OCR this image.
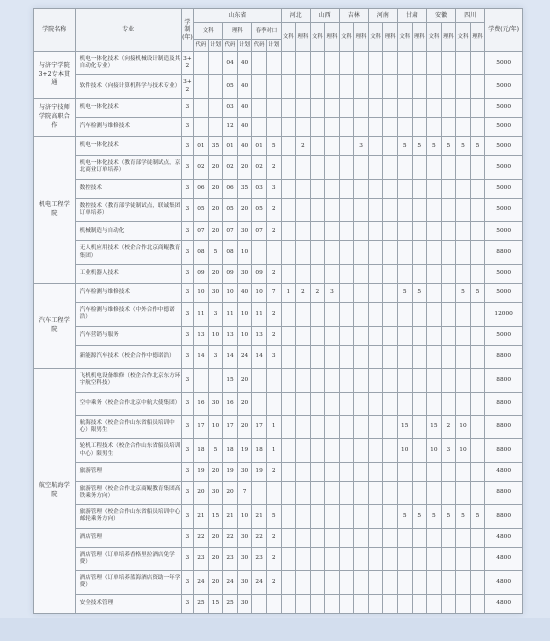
学院名称	专业	学制(年)	山东省						河北		山西		吉林		河南		甘肃		安徽		四川		学费(元/年)
			文科		理科		春季对口		文科	理科	文科	理科	文科	理科	文科	理科	文科	理科	文科	理科	文科	理科	
			代码	计划	代码	计划	代码	计划															
与济宁学院3+2专本贯通	机电一体化技术（向接机械设计制造及其自动化专业）	3+2			04	40																	5000
	软件技术（向接计算机科学与技术专业）	3+2			05	40																	5000
与济宁技师学院高职合作	机电一体化技术	3			03	40																	5000
	汽车检测与维修技术	3			12	40																	5000
机电工程学院	机电一体化技术	3	01	35	01	40	01	5		2				3			5	5	5	5	5	5	5000
	机电一体化技术（教育部学徒制试点，京北商业订单培养）	3	02	20	02	20	02	2															5000
	数控技术	3	06	20	06	35	03	3															5000
	数控技术（教育部学徒制试点，联诚集团订单培养）	3	05	20	05	20	05	2															5000
	机械制造与自动化	3	07	20	07	30	07	2															5000
	无人机应用技术（校企合作北京商鲲教育集团）	3	08	5	08	10																	8800
	工业机器人技术	3	09	20	09	30	09	2															5000
汽车工程学院	汽车检测与维修技术	3	10	30	10	40	10	7	1	2	2	3					5	5			5	5	5000
	汽车检测与维修技术（中外合作中德诺浩）	3	11	3	11	10	11	2															12000
	汽车营销与服务	3	13	10	13	10	13	2															5000
	新能源汽车技术（校企合作中德诺浩）	3	14	3	14	24	14	3															8800
航空航海学院	飞机机电设备维修（校企合作北京东方环宇航空科技）	3			15	20																	8800
	空中乘务（校企合作北京中航大使集团）	3	16	30	16	20																	8800
	航海技术（校企合作山东省船员培训中心）限男生	3	17	10	17	20	17	1									15		15	2	10		8800
	轮机工程技术（校企合作山东省船员培训中心）限男生	3	18	5	18	19	18	1									10		10	3	10		8800
	旅游管理	3	19	20	19	30	19	2															4800
	旅游管理（校企合作北京商鲲教育集团高铁乘务方向）	3	20	30	20	7																	8800
	旅游管理（校企合作山东省船员培训中心邮轮乘务方向）	3	21	15	21	10	21	5									5	5	5	5	5	5	8800
	酒店管理	3	22	20	22	30	22	2															4800
	酒店管理（订单培养香格里拉酒店免学费）	3	23	20	23	30	23	2															4800
	酒店管理（订单培养蓝海酒店资助一年学费）	3	24	20	24	30	24	2															4800
	安全技术管理	3	25	15	25	30																	4800
